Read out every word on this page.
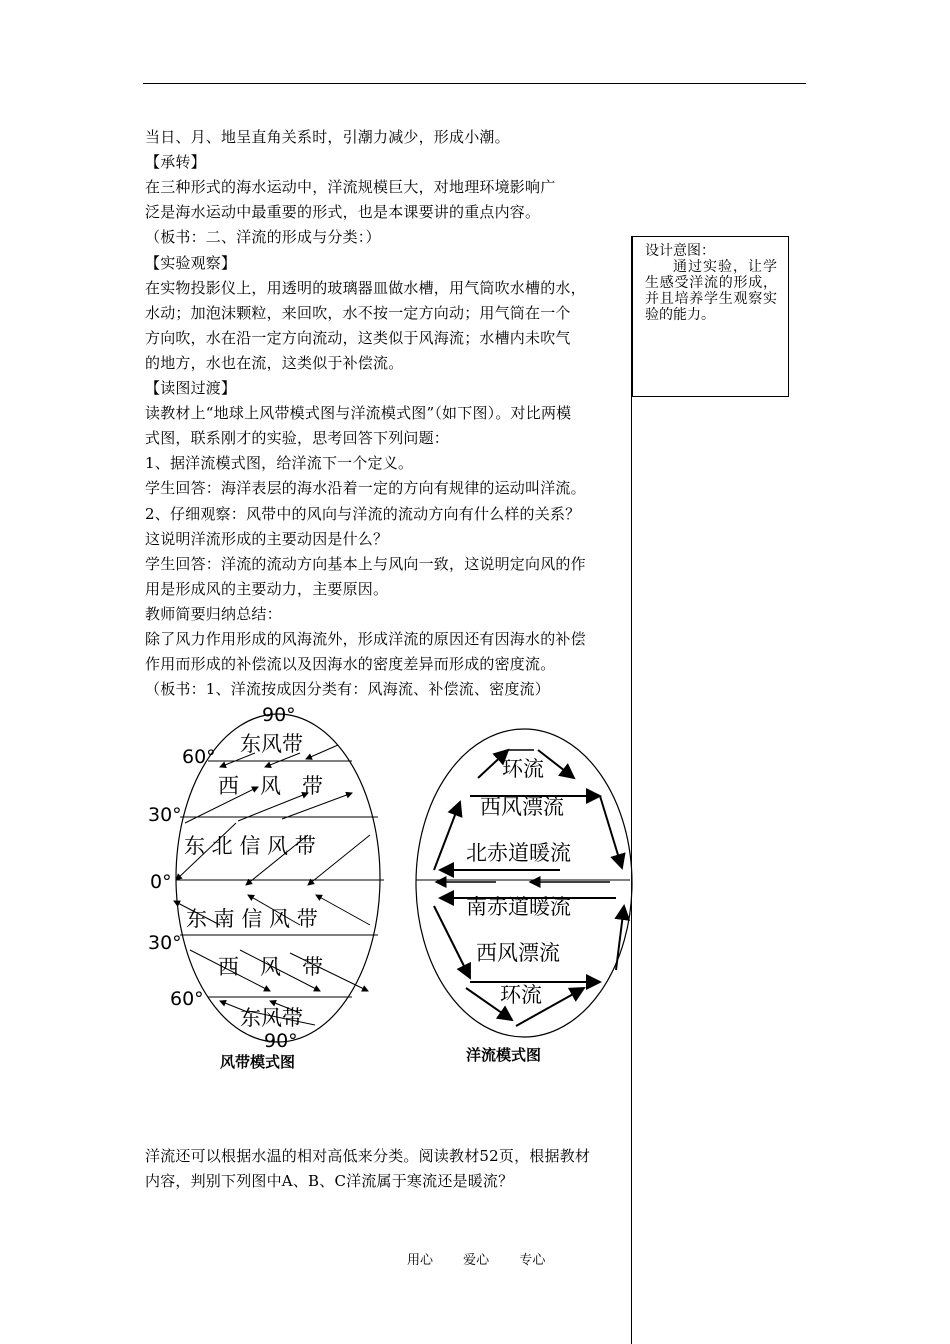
当日、月、地呈直角关系时，引潮力减少，形成小潮。
【承转】
在三种形式的海水运动中，洋流规模巨大，对地理环境影响广
泛是海水运动中最重要的形式，也是本课要讲的重点内容。
（板书：二、洋流的形成与分类：）
【实验观察】
在实物投影仪上，用透明的玻璃器皿做水槽，用气筒吹水槽的水，
水动；加泡沫颗粒，来回吹，水不按一定方向动；用气筒在一个
方向吹，水在沿一定方向流动，这类似于风海流；水槽内未吹气
的地方，水也在流，这类似于补偿流。
【读图过渡】
读教材上“地球上风带模式图与洋流模式图”（如下图）。对比两模
式图，联系刚才的实验，思考回答下列问题：
1、据洋流模式图，给洋流下一个定义。
学生回答：海洋表层的海水沿着一定的方向有规律的运动叫洋流。
2、仔细观察：风带中的风向与洋流的流动方向有什么样的关系？
这说明洋流形成的主要动因是什么？
学生回答：洋流的流动方向基本上与风向一致，这说明定向风的作
用是形成风的主要动力，主要原因。
教师简要归纳总结：
除了风力作用形成的风海流外，形成洋流的原因还有因海水的补偿
作用而形成的补偿流以及因海水的密度差异而形成的密度流。
（板书：1、洋流按成因分类有：风海流、补偿流、密度流）
设计意图：
通过实验，让学生感受洋流的形成，并且培养学生观察实验的能力。
90°
60°
30°
0°
30°
60°
90°
东风带
西　风　带
东 北 信 风 带
东 南 信 风 带
西　风　带
东风带
风带模式图
环流
西风漂流
北赤道暖流
南赤道暖流
西风漂流
环流
洋流模式图
洋流还可以根据水温的相对高低来分类。阅读教材52页，根据教材
内容，判别下列图中A、B、C洋流属于寒流还是暖流？
用心 爱心 专心
